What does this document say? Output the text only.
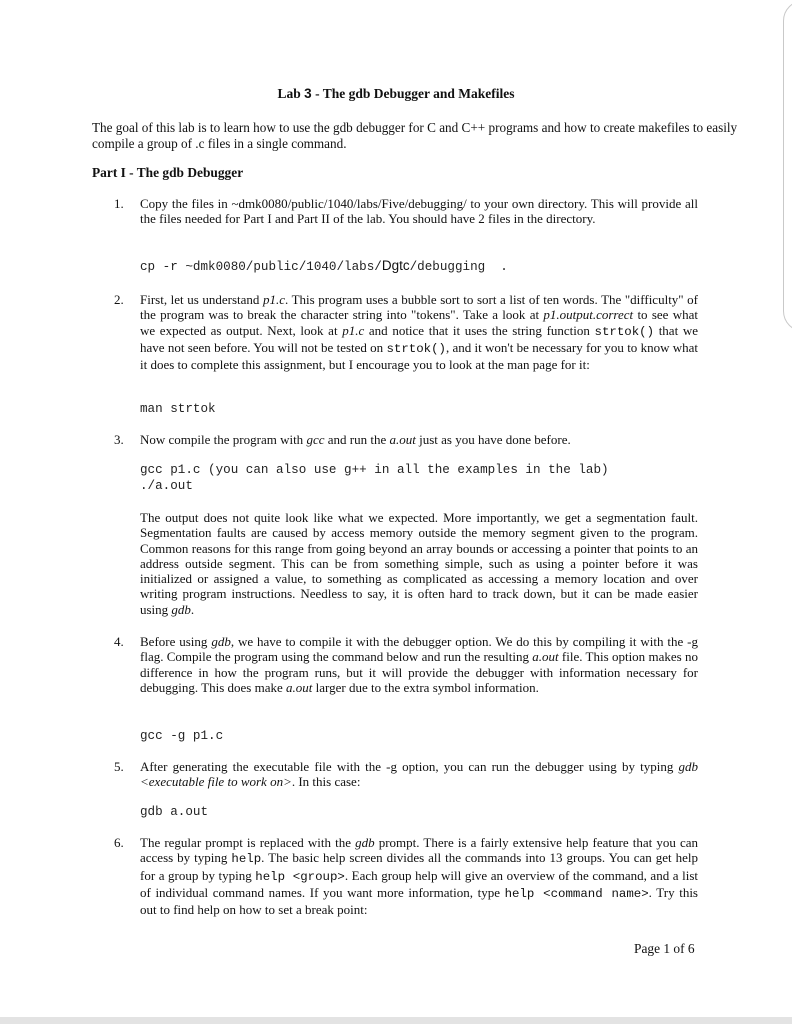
Lab 3 - The gdb Debugger and Makefiles
The goal of this lab is to learn how to use the gdb debugger for C and C++ programs and how to create makefiles to easily compile a group of .c files in a single command.
Part I - The gdb Debugger
1. Copy the files in ~dmk0080/public/1040/labs/Five/debugging/ to your own directory. This will provide all the files needed for Part I and Part II of the lab. You should have 2 files in the directory.
cp -r ~dmk0080/public/1040/labs/Dgtc/debugging  .
2. First, let us understand p1.c. This program uses a bubble sort to sort a list of ten words. The "difficulty" of the program was to break the character string into "tokens". Take a look at p1.output.correct to see what we expected as output. Next, look at p1.c and notice that it uses the string function strtok() that we have not seen before. You will not be tested on strtok(), and it won't be necessary for you to know what it does to complete this assignment, but I encourage you to look at the man page for it:
man strtok
3. Now compile the program with gcc and run the a.out just as you have done before.
gcc p1.c (you can also use g++ in all the examples in the lab)
./a.out
The output does not quite look like what we expected. More importantly, we get a segmentation fault. Segmentation faults are caused by access memory outside the memory segment given to the program. Common reasons for this range from going beyond an array bounds or accessing a pointer that points to an address outside segment. This can be from something simple, such as using a pointer before it was initialized or assigned a value, to something as complicated as accessing a memory location and over writing program instructions. Needless to say, it is often hard to track down, but it can be made easier using gdb.
4. Before using gdb, we have to compile it with the debugger option. We do this by compiling it with the -g flag. Compile the program using the command below and run the resulting a.out file. This option makes no difference in how the program runs, but it will provide the debugger with information necessary for debugging. This does make a.out larger due to the extra symbol information.
gcc -g p1.c
5. After generating the executable file with the -g option, you can run the debugger using by typing gdb <executable file to work on>. In this case:
gdb a.out
6. The regular prompt is replaced with the gdb prompt. There is a fairly extensive help feature that you can access by typing help. The basic help screen divides all the commands into 13 groups. You can get help for a group by typing help <group>. Each group help will give an overview of the command, and a list of individual command names. If you want more information, type help <command name>. Try this out to find help on how to set a break point:
Page 1 of 6
